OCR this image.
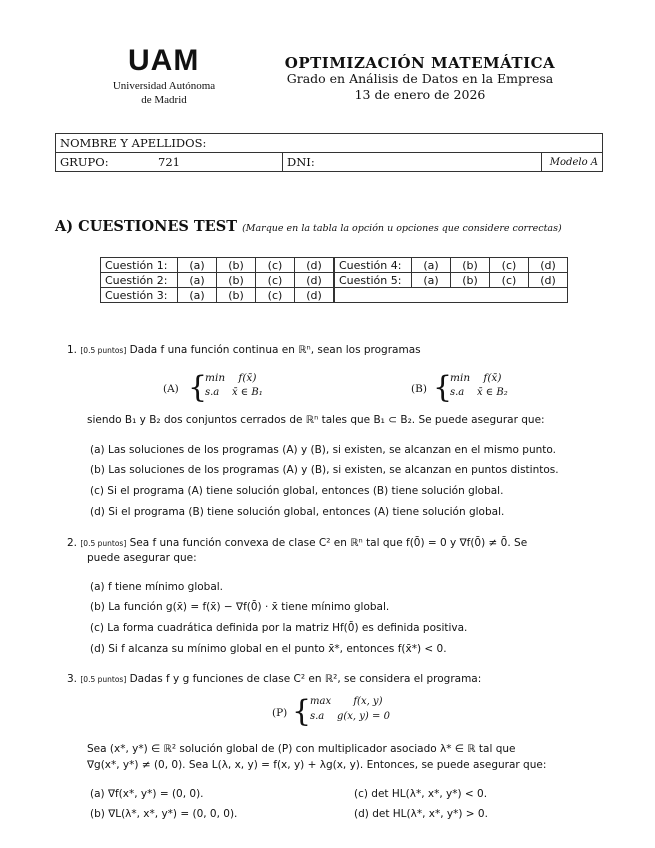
UAM
Universidad Autónoma
de Madrid
OPTIMIZACIÓN MATEMÁTICA
Grado en Análisis de Datos en la Empresa
13 de enero de 2026
NOMBRE Y APELLIDOS:
GRUPO:	721	DNI:	Modelo A
A) CUESTIONES TEST (Marque en la tabla la opción u opciones que considere correctas)
Cuestión 1:	(a)	(b)	(c)	(d)	Cuestión 4:	(a)	(b)	(c)	(d)
Cuestión 2:	(a)	(b)	(c)	(d)	Cuestión 5:	(a)	(b)	(c)	(d)
Cuestión 3:	(a)	(b)	(c)	(d)					
1. [0.5 puntos] Dada f una función continua en ℝⁿ, sean los programas
(A) {
min    f(x̄)
s.a    x̄ ∈ B₁	(B) {
min    f(x̄)
s.a    x̄ ∈ B₂
siendo B₁ y B₂ dos conjuntos cerrados de ℝⁿ tales que B₁ ⊂ B₂. Se puede asegurar que:
(a) Las soluciones de los programas (A) y (B), si existen, se alcanzan en el mismo punto.
(b) Las soluciones de los programas (A) y (B), si existen, se alcanzan en puntos distintos.
(c) Si el programa (A) tiene solución global, entonces (B) tiene solución global.
(d) Si el programa (B) tiene solución global, entonces (A) tiene solución global.
2. [0.5 puntos] Sea f una función convexa de clase C² en ℝⁿ tal que f(0̄) = 0 y ∇f(0̄) ≠ 0̄. Se
puede asegurar que:
(a) f tiene mínimo global.
(b) La función g(x̄) = f(x̄) − ∇f(0̄) · x̄ tiene mínimo global.
(c) La forma cuadrática definida por la matriz Hf(0̄) es definida positiva.
(d) Si f alcanza su mínimo global en el punto x̄*, entonces f(x̄*) < 0.
3. [0.5 puntos] Dadas f y g funciones de clase C² en ℝ², se considera el programa:
(P) {
max       f(x, y)
s.a    g(x, y) = 0
Sea (x*, y*) ∈ ℝ² solución global de (P) con multiplicador asociado λ* ∈ ℝ tal que
∇g(x*, y*) ≠ (0, 0). Sea L(λ, x, y) = f(x, y) + λg(x, y). Entonces, se puede asegurar que:
(a) ∇f(x*, y*) = (0, 0).	(c) det HL(λ*, x*, y*) < 0.
(b) ∇L(λ*, x*, y*) = (0, 0, 0).	(d) det HL(λ*, x*, y*) > 0.
